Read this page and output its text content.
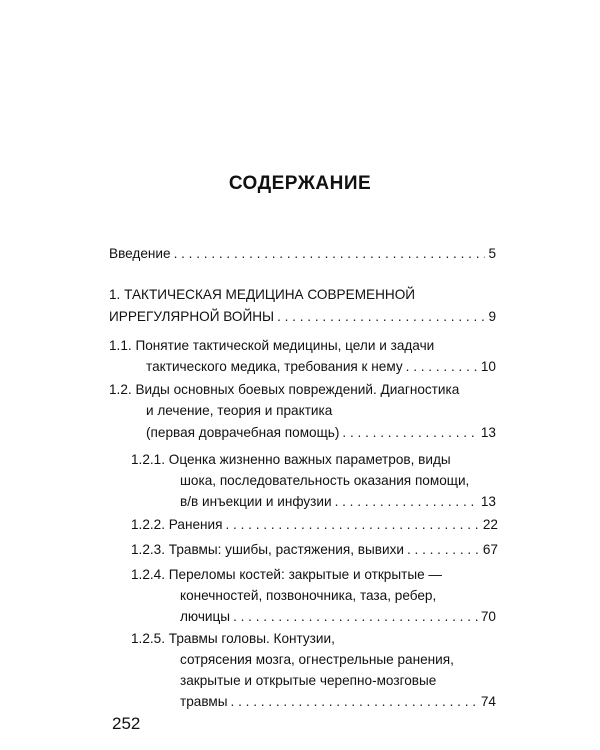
СОДЕРЖАНИЕ
Введение . . .	5
1. ТАКТИЧЕСКАЯ МЕДИЦИНА СОВРЕМЕННОЙ
ИРРЕГУЛЯРНОЙ ВОЙНЫ . . .	9
1.1. Понятие тактической медицины, цели и задачи
тактического медика, требования к нему . . .	10
1.2. Виды основных боевых повреждений. Диагностика
и лечение, теория и практика
(первая доврачебная помощь) . . .	13
1.2.1. Оценка жизненно важных параметров, виды
шока, последовательность оказания помощи,
в/в инъекции и инфузии . . .	13
1.2.2. Ранения . . .	22
1.2.3. Травмы: ушибы, растяжения, вывихи . . .	67
1.2.4. Переломы костей: закрытые и открытые —
конечностей, позвоночника, таза, ребер,
лючицы . . .	70
1.2.5. Травмы головы. Контузии,
сотрясения мозга, огнестрельные ранения,
закрытые и открытые черепно-мозговые
травмы . . .	74
252
